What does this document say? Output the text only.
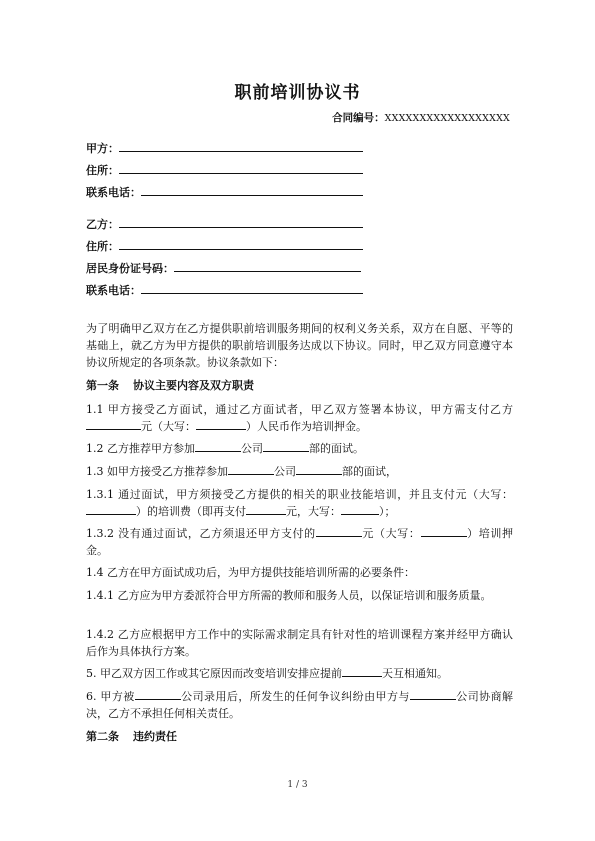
职前培训协议书
合同编号：XXXXXXXXXXXXXXXXXX
甲方：
住所：
联系电话：
乙方：
住所：
居民身份证号码：
联系电话：
为了明确甲乙双方在乙方提供职前培训服务期间的权利义务关系，双方在自愿、平等的基础上，就乙方为甲方提供的职前培训服务达成以下协议。同时，甲乙双方同意遵守本协议所规定的各项条款。协议条款如下：
第一条 协议主要内容及双方职责
1.1 甲方接受乙方面试，通过乙方面试者，甲乙双方签署本协议，甲方需支付乙方元（大写：	）人民币作为培训押金。
1.2 乙方推荐甲方参加	公司	部的面试。
1.3 如甲方接受乙方推荐参加	公司	部的面试，
1.3.1 通过面试，甲方须接受乙方提供的相关的职业技能培训，并且支付元（大写：）的培训费（即再支付	元，大写：	）；
1.3.2 没有通过面试，乙方须退还甲方支付的	元（大写：	）培训押金。
1.4 乙方在甲方面试成功后，为甲方提供技能培训所需的必要条件：
1.4.1 乙方应为甲方委派符合甲方所需的教师和服务人员，以保证培训和服务质量。
1.4.2 乙方应根据甲方工作中的实际需求制定具有针对性的培训课程方案并经甲方确认后作为具体执行方案。
5. 甲乙双方因工作或其它原因而改变培训安排应提前	天互相通知。
6. 甲方被	公司录用后，所发生的任何争议纠纷由甲方与	公司协商解决，乙方不承担任何相关责任。
第二条 违约责任
1 / 3
